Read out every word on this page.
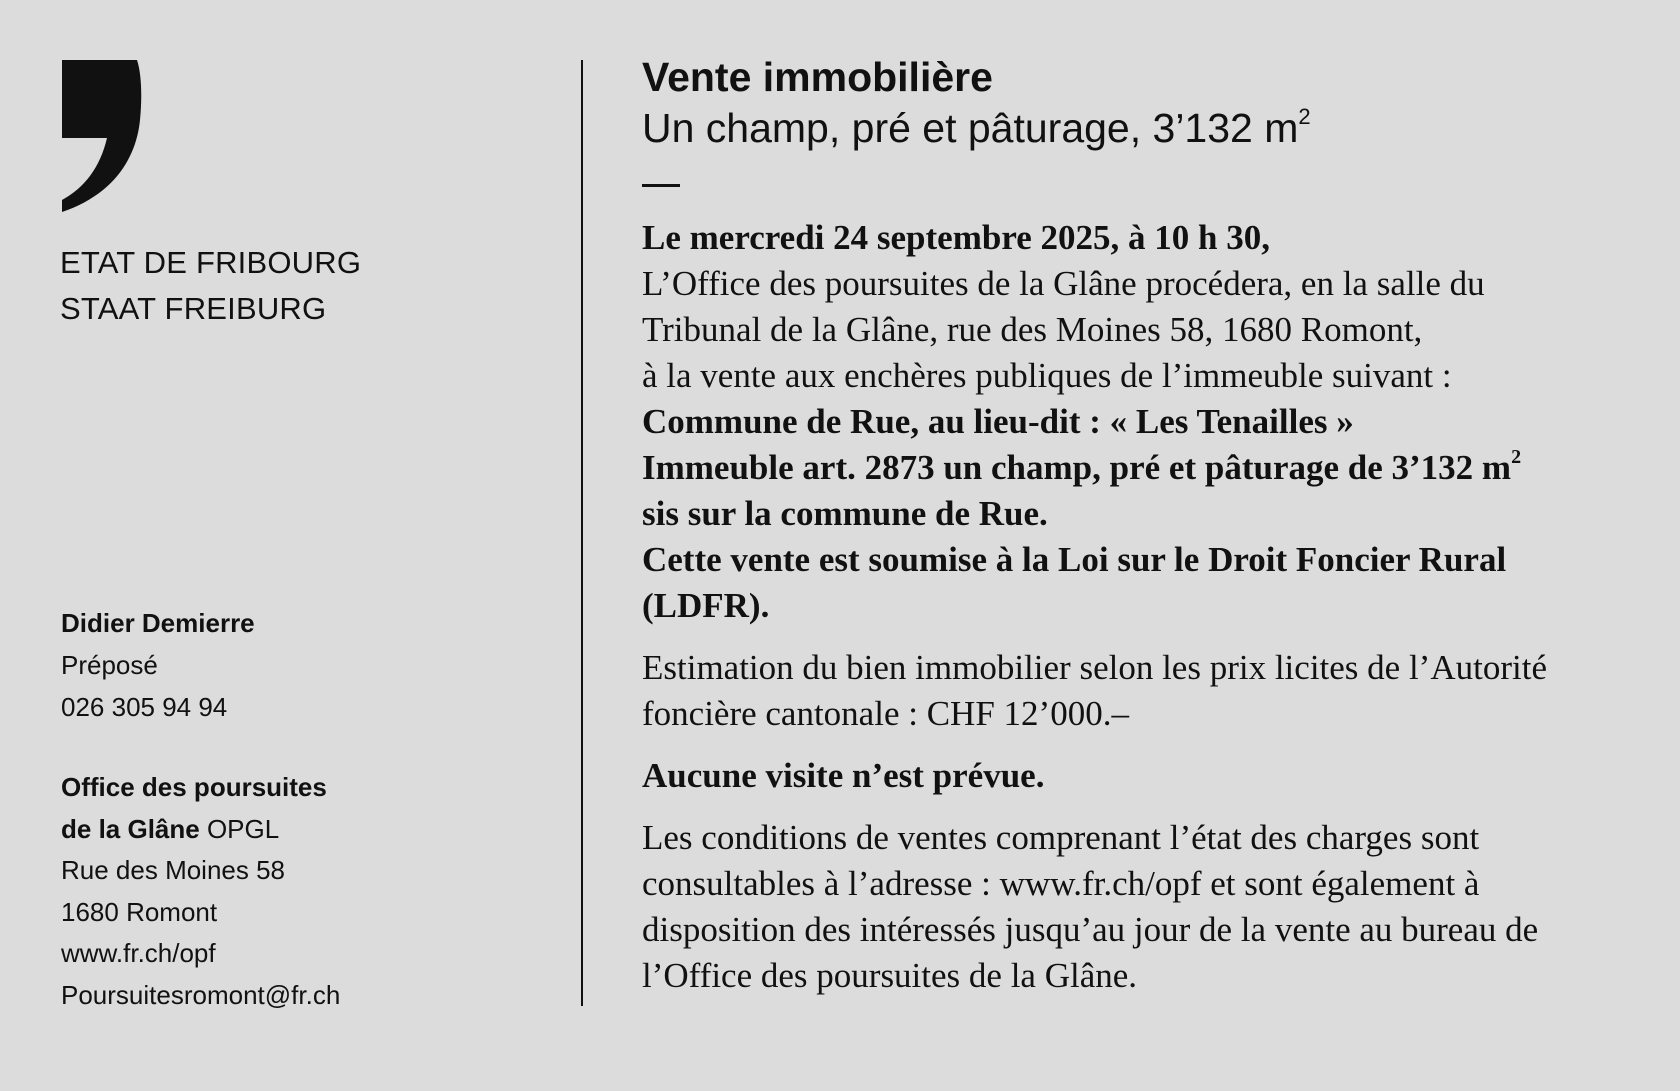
ETAT DE FRIBOURG
STAAT FREIBURG
Didier Demierre
Préposé
026 305 94 94
Office des poursuites
de la Glâne OPGL
Rue des Moines 58
1680 Romont
www.fr.ch/opf
Poursuitesromont@fr.ch
Vente immobilière
Un champ, pré et pâturage, 3’132 $m^2$

Le mercredi 24 septembre 2025, à 10 h 30,

L’Office des poursuites de la Glâne procédera, en la salle du

Tribunal de la Glâne, rue des Moines 58, 1680 Romont,

à la vente aux enchères publiques de l’immeuble suivant :

Commune de Rue, au lieu-dit : « Les Tenailles »

Immeuble art. 2873 un champ, pré et pâturage de 3’132 $m^2$

sis sur la commune de Rue.

Cette vente est soumise à la Loi sur le Droit Foncier Rural

(LDFR).

Estimation du bien immobilier selon les prix licites de l’Autorité

foncière cantonale : CHF 12’000.–

Aucune visite n’est prévue.

Les conditions de ventes comprenant l’état des charges sont

consultables à l’adresse : www.fr.ch/opf et sont également à

disposition des intéressés jusqu’au jour de la vente au bureau de

l’Office des poursuites de la Glâne.
